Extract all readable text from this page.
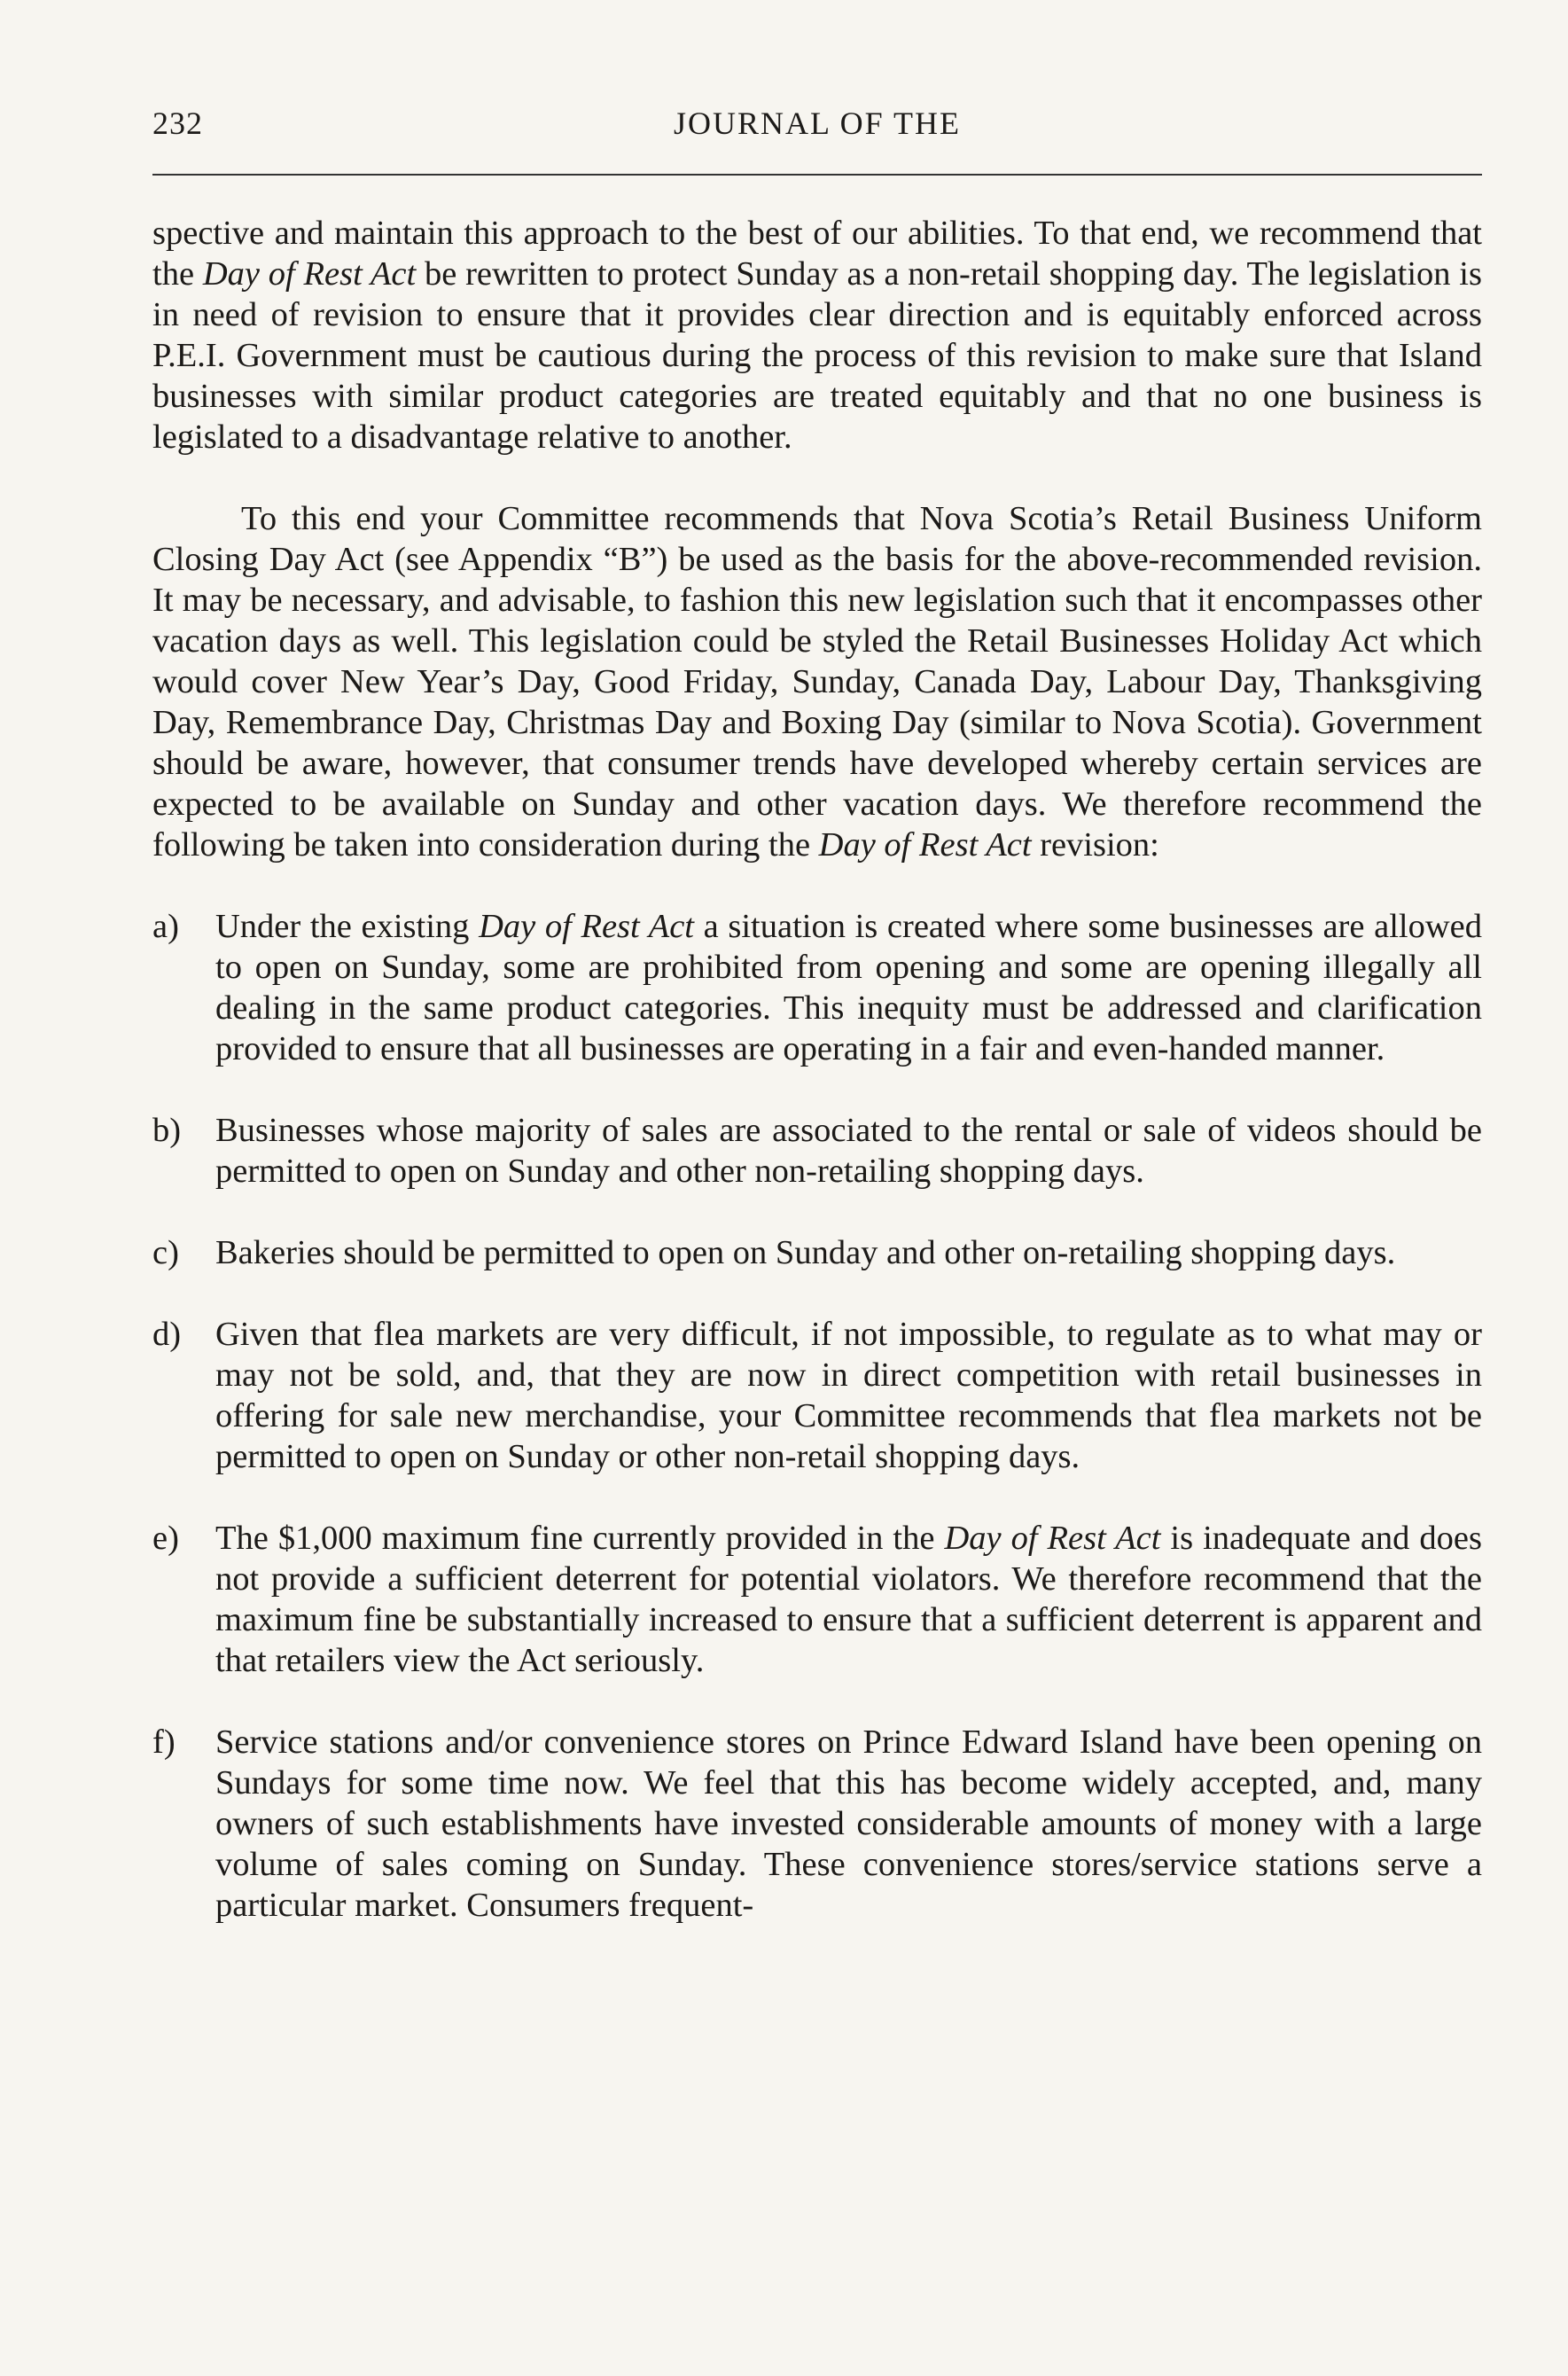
232	JOURNAL OF THE

spective and maintain this approach to the best of our abilities. To that end, we recommend that the Day of Rest Act be rewritten to protect Sunday as a non-retail shopping day. The legislation is in need of revision to ensure that it provides clear direction and is equitably enforced across P.E.I. Government must be cautious during the process of this revision to make sure that Island businesses with similar product categories are treated equitably and that no one business is legislated to a disadvantage relative to another.

To this end your Committee recommends that Nova Scotia’s Retail Business Uniform Closing Day Act (see Appendix “B”) be used as the basis for the above-recommended revision. It may be necessary, and advisable, to fashion this new legislation such that it encompasses other vacation days as well. This legislation could be styled the Retail Businesses Holiday Act which would cover New Year’s Day, Good Friday, Sunday, Canada Day, Labour Day, Thanksgiving Day, Remembrance Day, Christmas Day and Boxing Day (similar to Nova Scotia). Government should be aware, however, that consumer trends have developed whereby certain services are expected to be available on Sunday and other vacation days. We therefore recommend the following be taken into consideration during the Day of Rest Act revision:

a) Under the existing Day of Rest Act a situation is created where some businesses are allowed to open on Sunday, some are prohibited from opening and some are opening illegally all dealing in the same product categories. This inequity must be addressed and clarification provided to ensure that all businesses are operating in a fair and even-handed manner.
b) Businesses whose majority of sales are associated to the rental or sale of videos should be permitted to open on Sunday and other non-retailing shopping days.
c) Bakeries should be permitted to open on Sunday and other on-retailing shopping days.
d) Given that flea markets are very difficult, if not impossible, to regulate as to what may or may not be sold, and, that they are now in direct competition with retail businesses in offering for sale new merchandise, your Committee recommends that flea markets not be permitted to open on Sunday or other non-retail shopping days.
e) The $1,000 maximum fine currently provided in the Day of Rest Act is inadequate and does not provide a sufficient deterrent for potential violators. We therefore recommend that the maximum fine be substantially increased to ensure that a sufficient deterrent is apparent and that retailers view the Act seriously.
f) Service stations and/or convenience stores on Prince Edward Island have been opening on Sundays for some time now. We feel that this has become widely accepted, and, many owners of such establishments have invested considerable amounts of money with a large volume of sales coming on Sunday. These convenience stores/service stations serve a particular market. Consumers frequent-
